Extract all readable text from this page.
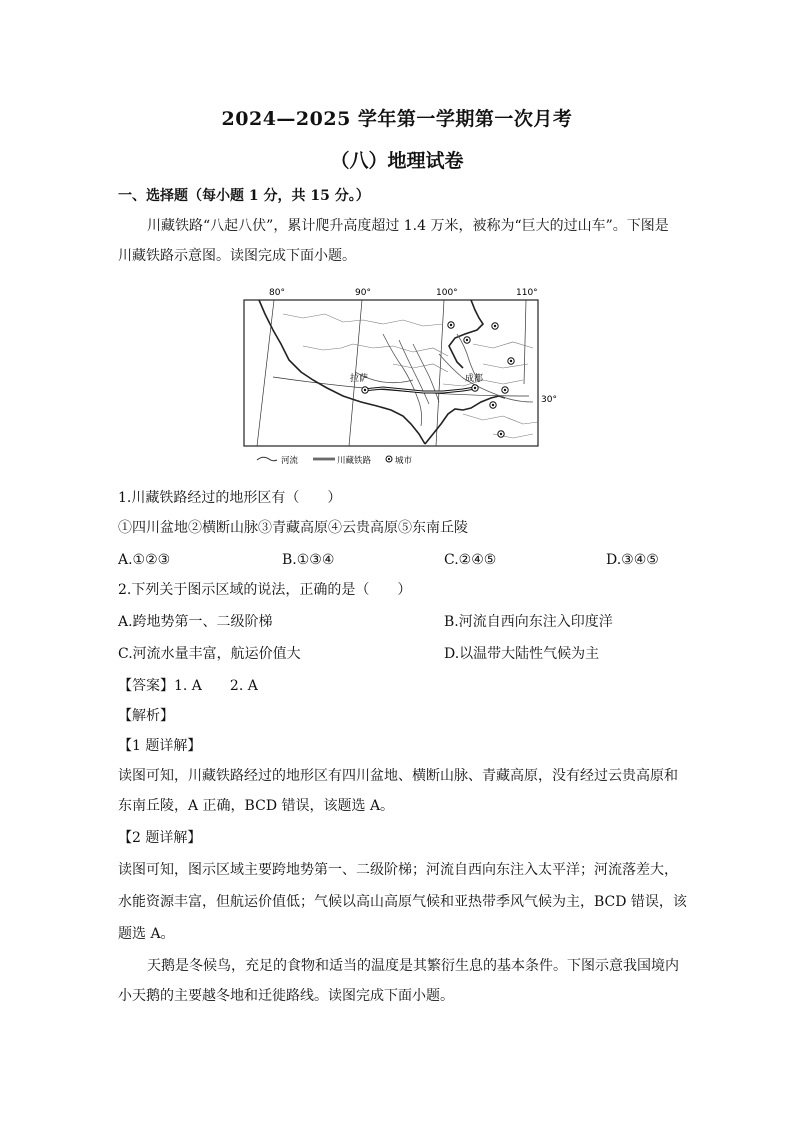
2024—2025 学年第一学期第一次月考
（八）地理试卷
一、选择题（每小题 1 分，共 15 分。）
川藏铁路“八起八伏”，累计爬升高度超过 1.4 万米，被称为“巨大的过山车”。下图是
川藏铁路示意图。读图完成下面小题。
80°	90°	100°	110°
30°
拉萨	成都
河流	川藏铁路	城市
1.川藏铁路经过的地形区有（　　）
①四川盆地②横断山脉③青藏高原④云贵高原⑤东南丘陵
A.①②③	B.①③④	C.②④⑤	D.③④⑤
2.下列关于图示区域的说法，正确的是（　　）
A.跨地势第一、二级阶梯	B.河流自西向东注入印度洋
C.河流水量丰富，航运价值大	D.以温带大陆性气候为主
【答案】1. A　　2. A
【解析】
【1 题详解】
读图可知，川藏铁路经过的地形区有四川盆地、横断山脉、青藏高原，没有经过云贵高原和
东南丘陵，A 正确，BCD 错误，该题选 A。
【2 题详解】
读图可知，图示区域主要跨地势第一、二级阶梯；河流自西向东注入太平洋；河流落差大，
水能资源丰富，但航运价值低；气候以高山高原气候和亚热带季风气候为主，BCD 错误，该
题选 A。
天鹅是冬候鸟，充足的食物和适当的温度是其繁衍生息的基本条件。下图示意我国境内
小天鹅的主要越冬地和迁徙路线。读图完成下面小题。
